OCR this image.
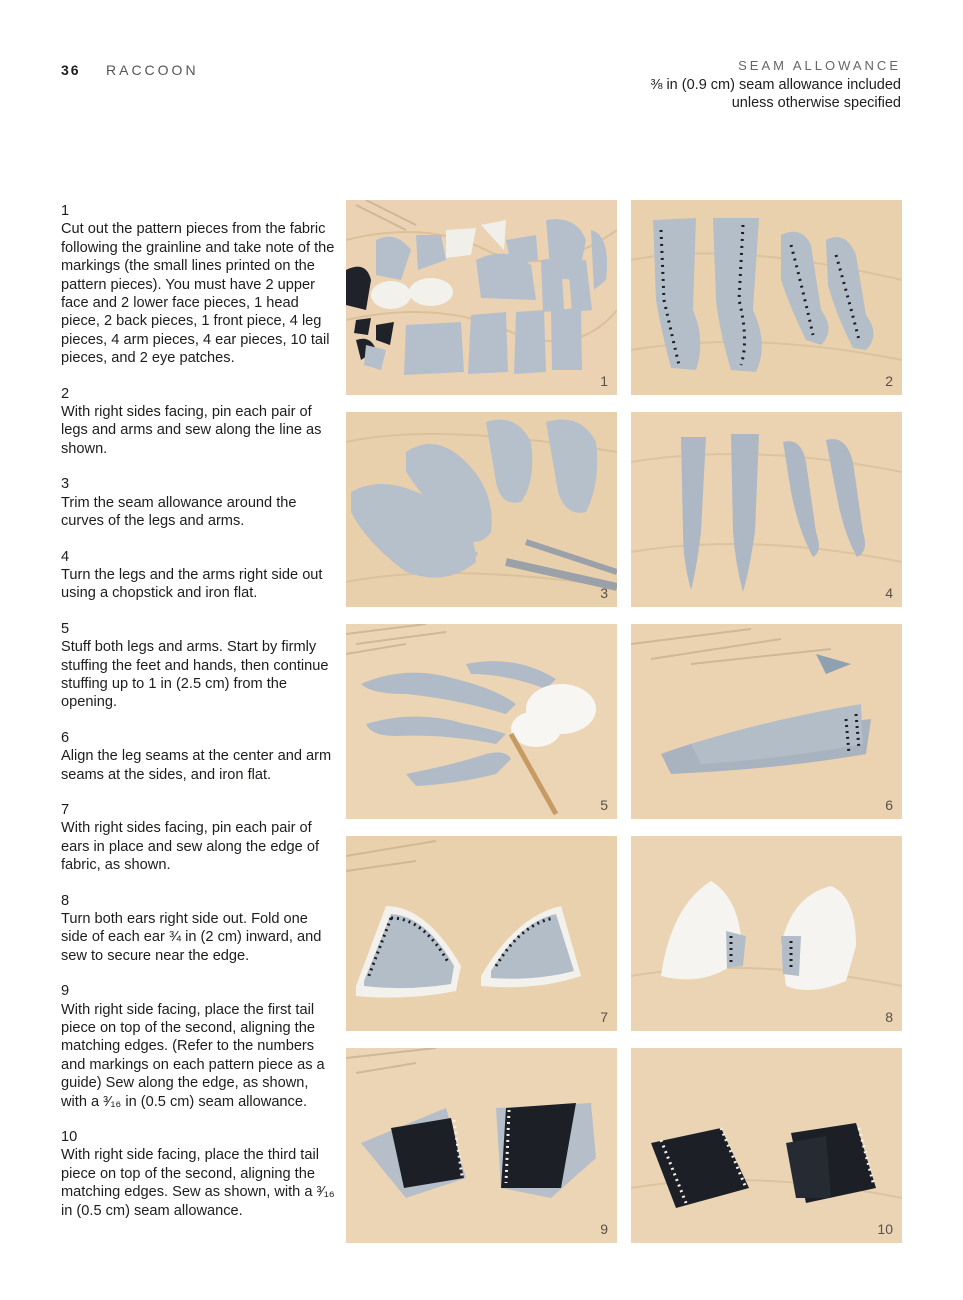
36 RACCOON	SEAM ALLOWANCE
⅜ in (0.9 cm) seam allowance included
unless otherwise specified
1
Cut out the pattern pieces from the fabric following the grainline and take note of the markings (the small lines printed on the pattern pieces). You must have 2 upper face and 2 lower face pieces, 1 head piece, 2 back pieces, 1 front piece, 4 leg pieces, 4 arm pieces, 4 ear pieces, 10 tail pieces, and 2 eye patches.
2
With right sides facing, pin each pair of legs and arms and sew along the line as shown.
3
Trim the seam allowance around the curves of the legs and arms.
4
Turn the legs and the arms right side out using a chopstick and iron flat.
5
Stuff both legs and arms. Start by firmly stuffing the feet and hands, then continue stuffing up to 1 in (2.5 cm) from the opening.
6
Align the leg seams at the center and arm seams at the sides, and iron flat.
7
With right sides facing, pin each pair of ears in place and sew along the edge of fabric, as shown.
8
Turn both ears right side out. Fold one side of each ear ¾ in (2 cm) inward, and sew to secure near the edge.
9
With right side facing, place the first tail piece on top of the second, aligning the matching edges. (Refer to the numbers and markings on each pattern piece as a guide) Sew along the edge, as shown, with a ³⁄₁₆ in (0.5 cm) seam allowance.
10
With right side facing, place the third tail piece on top of the second, aligning the matching edges. Sew as shown, with a ³⁄₁₆ in (0.5 cm) seam allowance.
1	2
3	4
5	6
7	8
9	10
